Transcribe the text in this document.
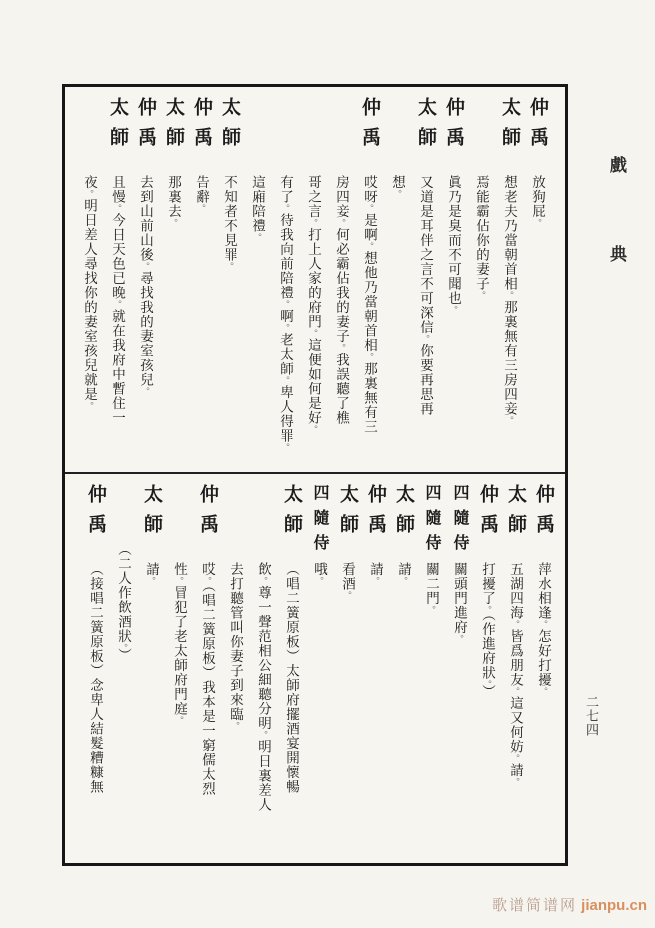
仲禹放狗屁。
太師想老夫乃當朝首相。那裏無有三房四妾。
焉能霸佔你的妻子。
仲禹眞乃是臭而不可聞也。
太師又道是耳伴之言不可深信。你要再思再
想。
仲禹哎呀。是啊。想他乃當朝首相。那裏無有三
房四妾。何必霸佔我的妻子。我誤聽了樵
哥之言。打上人家的府門。這便如何是好。
有了。待我向前陪禮。啊。老太師。卑人得罪。
這廂陪禮。
太師不知者不見罪。
仲禹告辭。
太師那裏去。
仲禹去到山前山後。尋找我的妻室孩兒。
太師且慢。今日天色已晚。就在我府中暫住一
夜。明日差人尋找你的妻室孩兒就是。
仲禹萍水相逢。怎好打擾。
太師五湖四海。皆爲朋友。這又何妨。請。
仲禹打擾了。（作進府狀。）
四隨侍關頭門進府。
四隨侍關二門。
太師請。
仲禹請。
太師看酒。
四隨侍哦。
太師（唱二簧原板）太師府擺酒宴開懷暢
飲。尊一聲范相公細聽分明。明日裏差人
去打聽管叫你妻子到來臨。
仲禹哎。（唱二簧原板）我本是一窮儒太烈
性。冒犯了老太師府門庭。
太師請。
（二人作飲酒狀。）
仲禹（接唱二簧原板）念卑人結髮糟糠無
戲典
二七四
歌谱简谱网 jianpu.cn
